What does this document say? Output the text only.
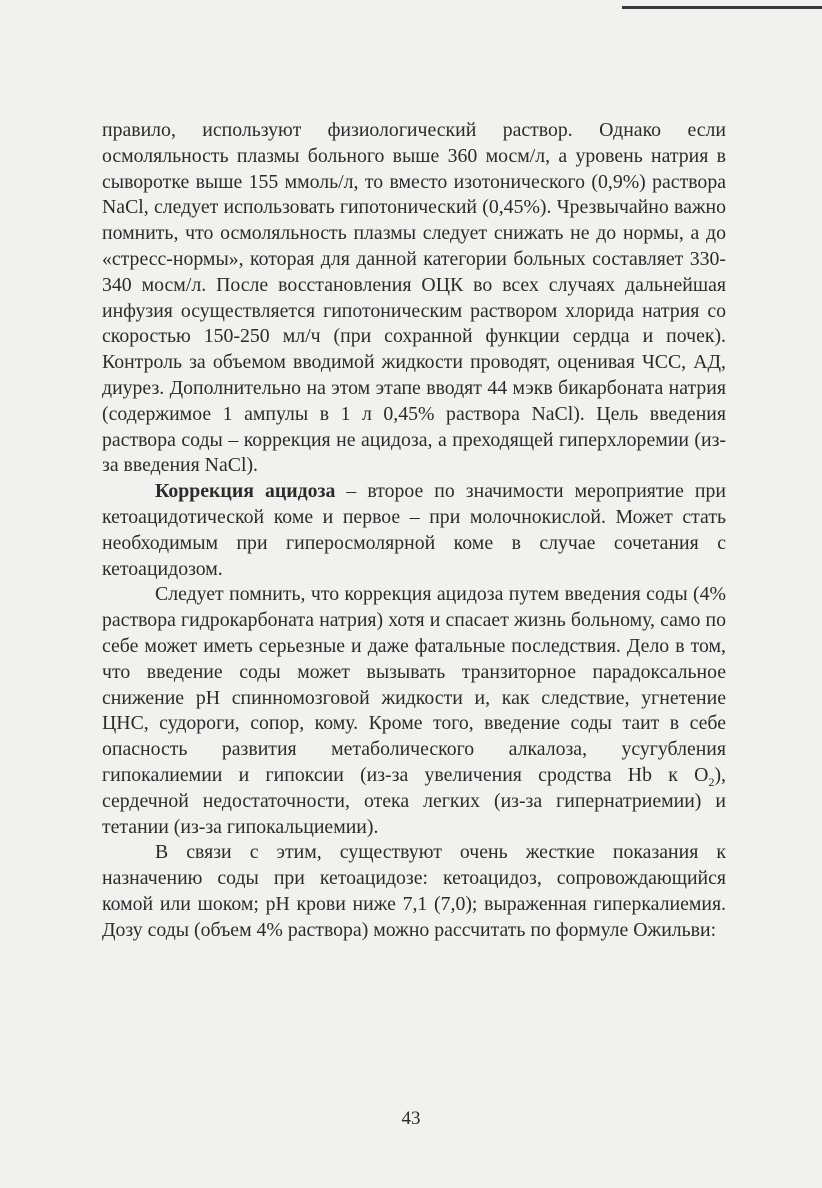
правило, используют физиологический раствор. Однако если осмоляльность плазмы больного выше 360 мосм/л, а уровень натрия в сыворотке выше 155 ммоль/л, то вместо изотонического (0,9%) раствора NaCl, следует использовать гипотонический (0,45%). Чрезвычайно важно помнить, что осмоляльность плазмы следует снижать не до нормы, а до «стресс-нормы», которая для данной категории больных составляет 330-340 мосм/л. После восстановления ОЦК во всех случаях дальнейшая инфузия осуществляется гипотоническим раствором хлорида натрия со скоростью 150-250 мл/ч (при сохранной функции сердца и почек). Контроль за объемом вводимой жидкости проводят, оценивая ЧСС, АД, диурез. Дополнительно на этом этапе вводят 44 мэкв бикарбоната натрия (содержимое 1 ампулы в 1 л 0,45% раствора NaCl). Цель введения раствора соды – коррекция не ацидоза, а преходящей гиперхлоремии (из-за введения NaCl).

Коррекция ацидоза – второе по значимости мероприятие при кетоацидотической коме и первое – при молочнокислой. Может стать необходимым при гиперосмолярной коме в случае сочетания с кетоацидозом.

Следует помнить, что коррекция ацидоза путем введения соды (4% раствора гидрокарбоната натрия) хотя и спасает жизнь больному, само по себе может иметь серьезные и даже фатальные последствия. Дело в том, что введение соды может вызывать транзиторное парадоксальное снижение pH спинномозговой жидкости и, как следствие, угнетение ЦНС, судороги, сопор, кому. Кроме того, введение соды таит в себе опасность развития метаболического алкалоза, усугубления гипокалиемии и гипоксии (из-за увеличения сродства Hb к $O_2$), сердечной недостаточности, отека легких (из-за гипернатриемии) и тетании (из-за гипокальциемии).

В связи с этим, существуют очень жесткие показания к назначению соды при кетоацидозе: кетоацидоз, сопровождающийся комой или шоком; pH крови ниже 7,1 (7,0); выраженная гиперкалиемия. Дозу соды (объем 4% раствора) можно рассчитать по формуле Ожильви:

43
